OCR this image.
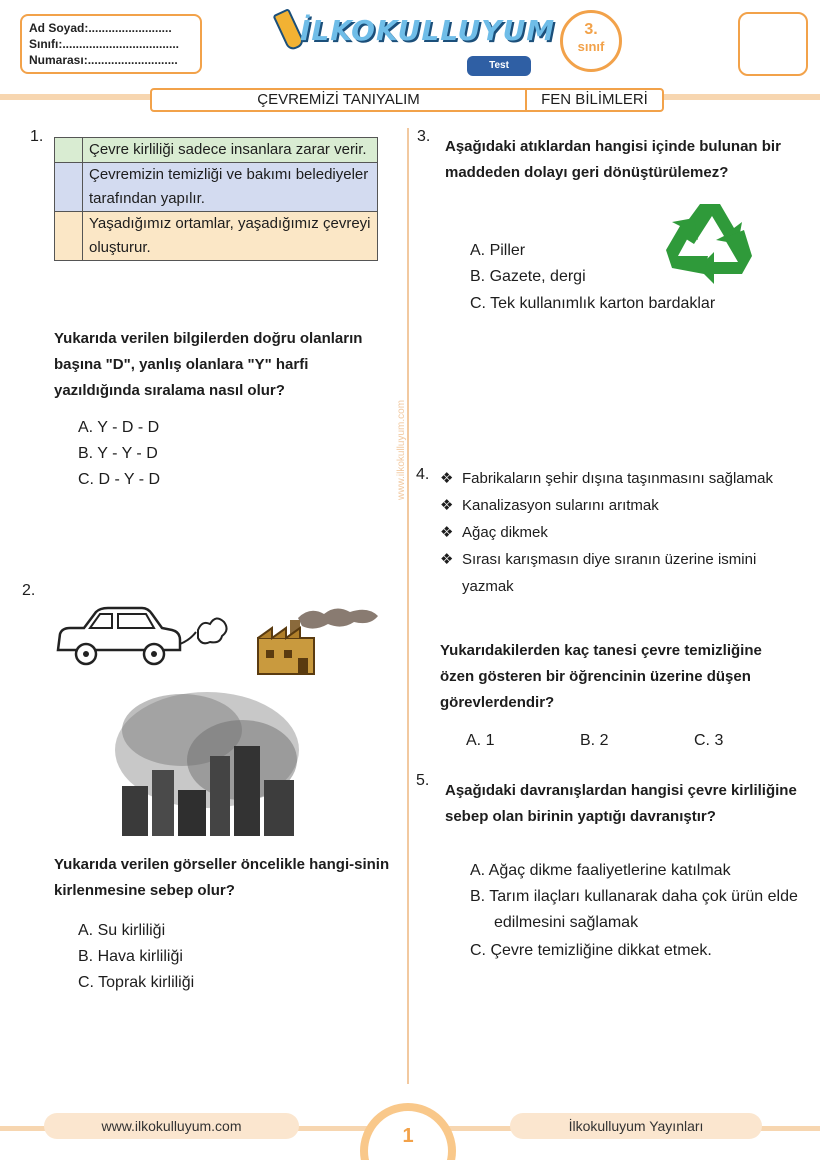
Ad Soyad:.........................
Sınıfı:...................................
Numarası:...........................
İLKOKULLUYUM
Test
3.
sınıf
ÇEVREMİZİ TANIYALIM	FEN BİLİMLERİ
www.ilkokulluyum.com
1.
	Çevre kirliliği sadece insanlara zarar verir.
	Çevremizin temizliği ve bakımı belediyeler tarafından yapılır.
	Yaşadığımız ortamlar, yaşadığımız çevreyi oluşturur.
Yukarıda verilen bilgilerden doğru olanların başına "D", yanlış olanlara "Y" harfi yazıldığında sıralama nasıl olur?
A. Y - D - D
B. Y - Y - D
C. D - Y - D
2.
Yukarıda verilen görseller öncelikle hangi-sinin kirlenmesine sebep olur?
A. Su kirliliği
B. Hava kirliliği
C. Toprak kirliliği
3.
Aşağıdaki atıklardan hangisi içinde bulunan bir maddeden dolayı geri dönüştürülemez?
A. Piller
B. Gazete, dergi
C. Tek kullanımlık karton bardaklar
4. ❖ Fabrikaların şehir dışına taşınmasını sağlamak
❖ Kanalizasyon sularını arıtmak
❖ Ağaç dikmek
❖ Sırası karışmasın diye sıranın üzerine ismini yazmak
Yukarıdakilerden kaç tanesi çevre temizliğine özen gösteren bir öğrencinin üzerine düşen görevlerdendir?
A. 1	B. 2	C. 3
5.
Aşağıdaki davranışlardan hangisi çevre kirliliğine sebep olan birinin yaptığı davranıştır?
A. Ağaç dikme faaliyetlerine katılmak
B. Tarım ilaçları kullanarak daha çok ürün elde edilmesini sağlamak
C. Çevre temizliğine dikkat etmek.
www.ilkokulluyum.com	İlkokulluyum Yayınları
1
